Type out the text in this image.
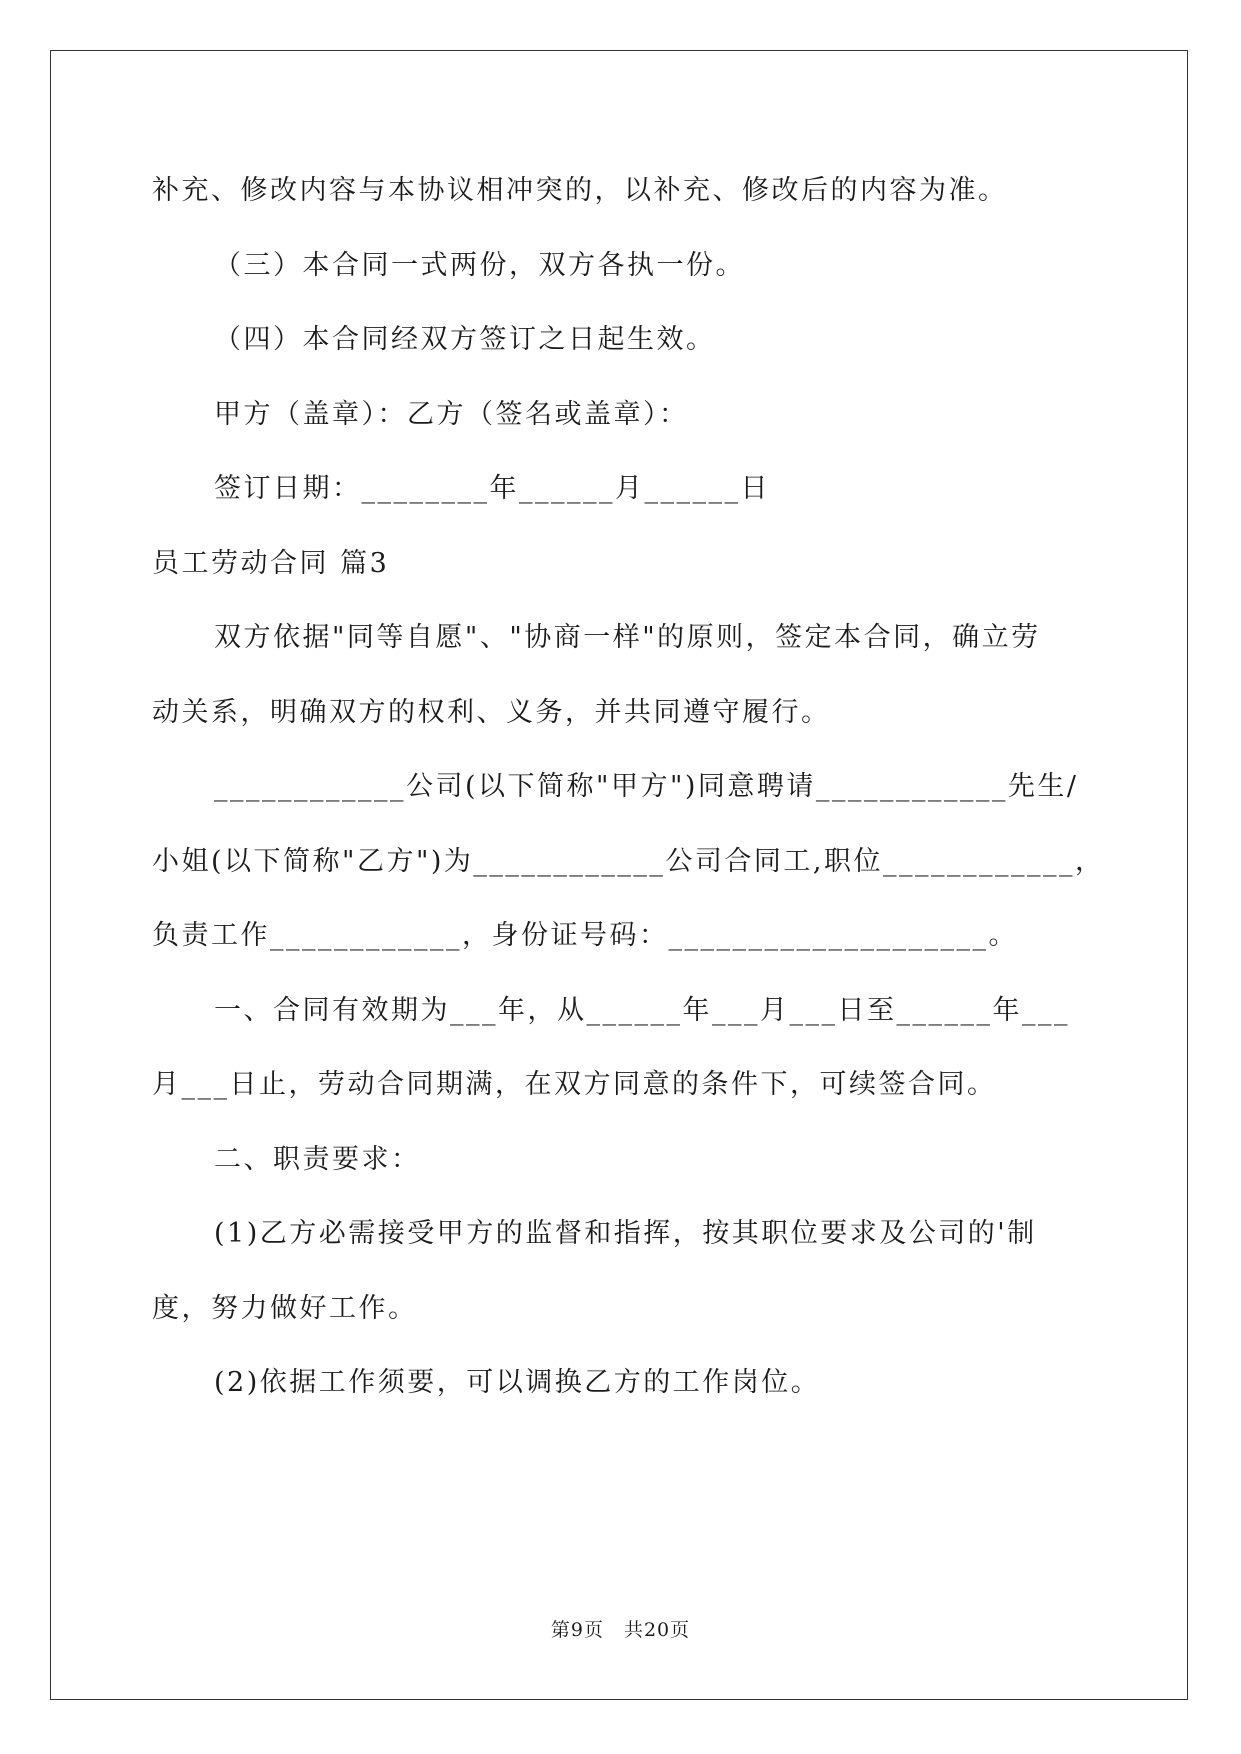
补充、修改内容与本协议相冲突的，以补充、修改后的内容为准。
（三）本合同一式两份，双方各执一份。
（四）本合同经双方签订之日起生效。
甲方（盖章）：乙方（签名或盖章）：
签订日期：________年______月______日
员工劳动合同 篇3
双方依据"同等自愿"、"协商一样"的原则，签定本合同，确立劳
动关系，明确双方的权利、义务，并共同遵守履行。
____________公司(以下简称"甲方")同意聘请____________先生/
小姐(以下简称"乙方")为____________公司合同工,职位____________，
负责工作____________，身份证号码：____________________。
一、合同有效期为___年，从______年___月___日至______年___
月___日止，劳动合同期满，在双方同意的条件下，可续签合同。
二、职责要求：
(1)乙方必需接受甲方的监督和指挥，按其职位要求及公司的'制
度，努力做好工作。
(2)依据工作须要，可以调换乙方的工作岗位。
第9页　共20页
